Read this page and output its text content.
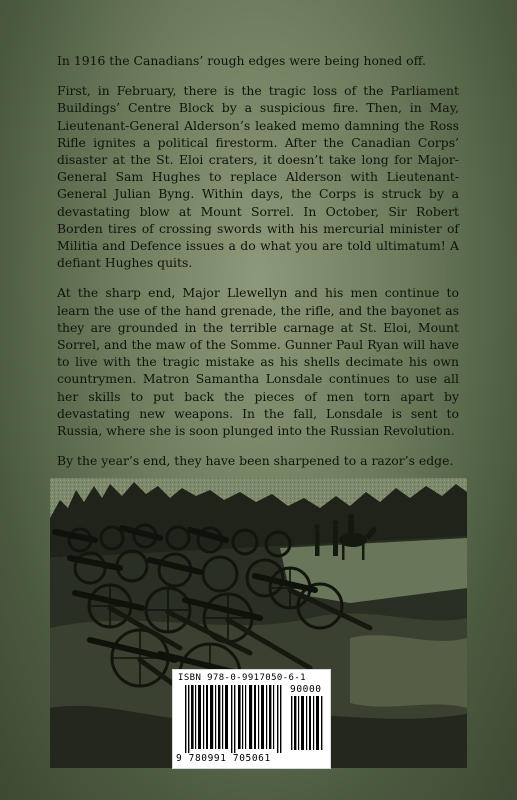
In 1916 the Canadians’ rough edges were being honed off.

First, in February, there is the tragic loss of the Parliament Buildings’ Centre Block by a suspicious fire. Then, in May, Lieutenant-General Alderson’s leaked memo damning the Ross Rifle ignites a political firestorm. After the Canadian Corps’ disaster at the St. Eloi craters, it doesn’t take long for Major-General Sam Hughes to replace Alderson with Lieutenant-General Julian Byng. Within days, the Corps is struck by a devastating blow at Mount Sorrel. In October, Sir Robert Borden tires of crossing swords with his mercurial minister of Militia and Defence issues a do what you are told ultimatum! A defiant Hughes quits.

At the sharp end, Major Llewellyn and his men continue to learn the use of the hand grenade, the rifle, and the bayonet as they are grounded in the terrible carnage at St. Eloi, Mount Sorrel, and the maw of the Somme. Gunner Paul Ryan will have to live with the tragic mistake as his shells decimate his own countrymen. Matron Samantha Lonsdale continues to use all her skills to put back the pieces of men torn apart by devastating new weapons. In the fall, Lonsdale is sent to Russia, where she is soon plunged into the Russian Revolution.

By the year’s end, they have been sharpened to a razor’s edge.

ISBN 978-0-9917050-6-1
90000
9 780991 705061
